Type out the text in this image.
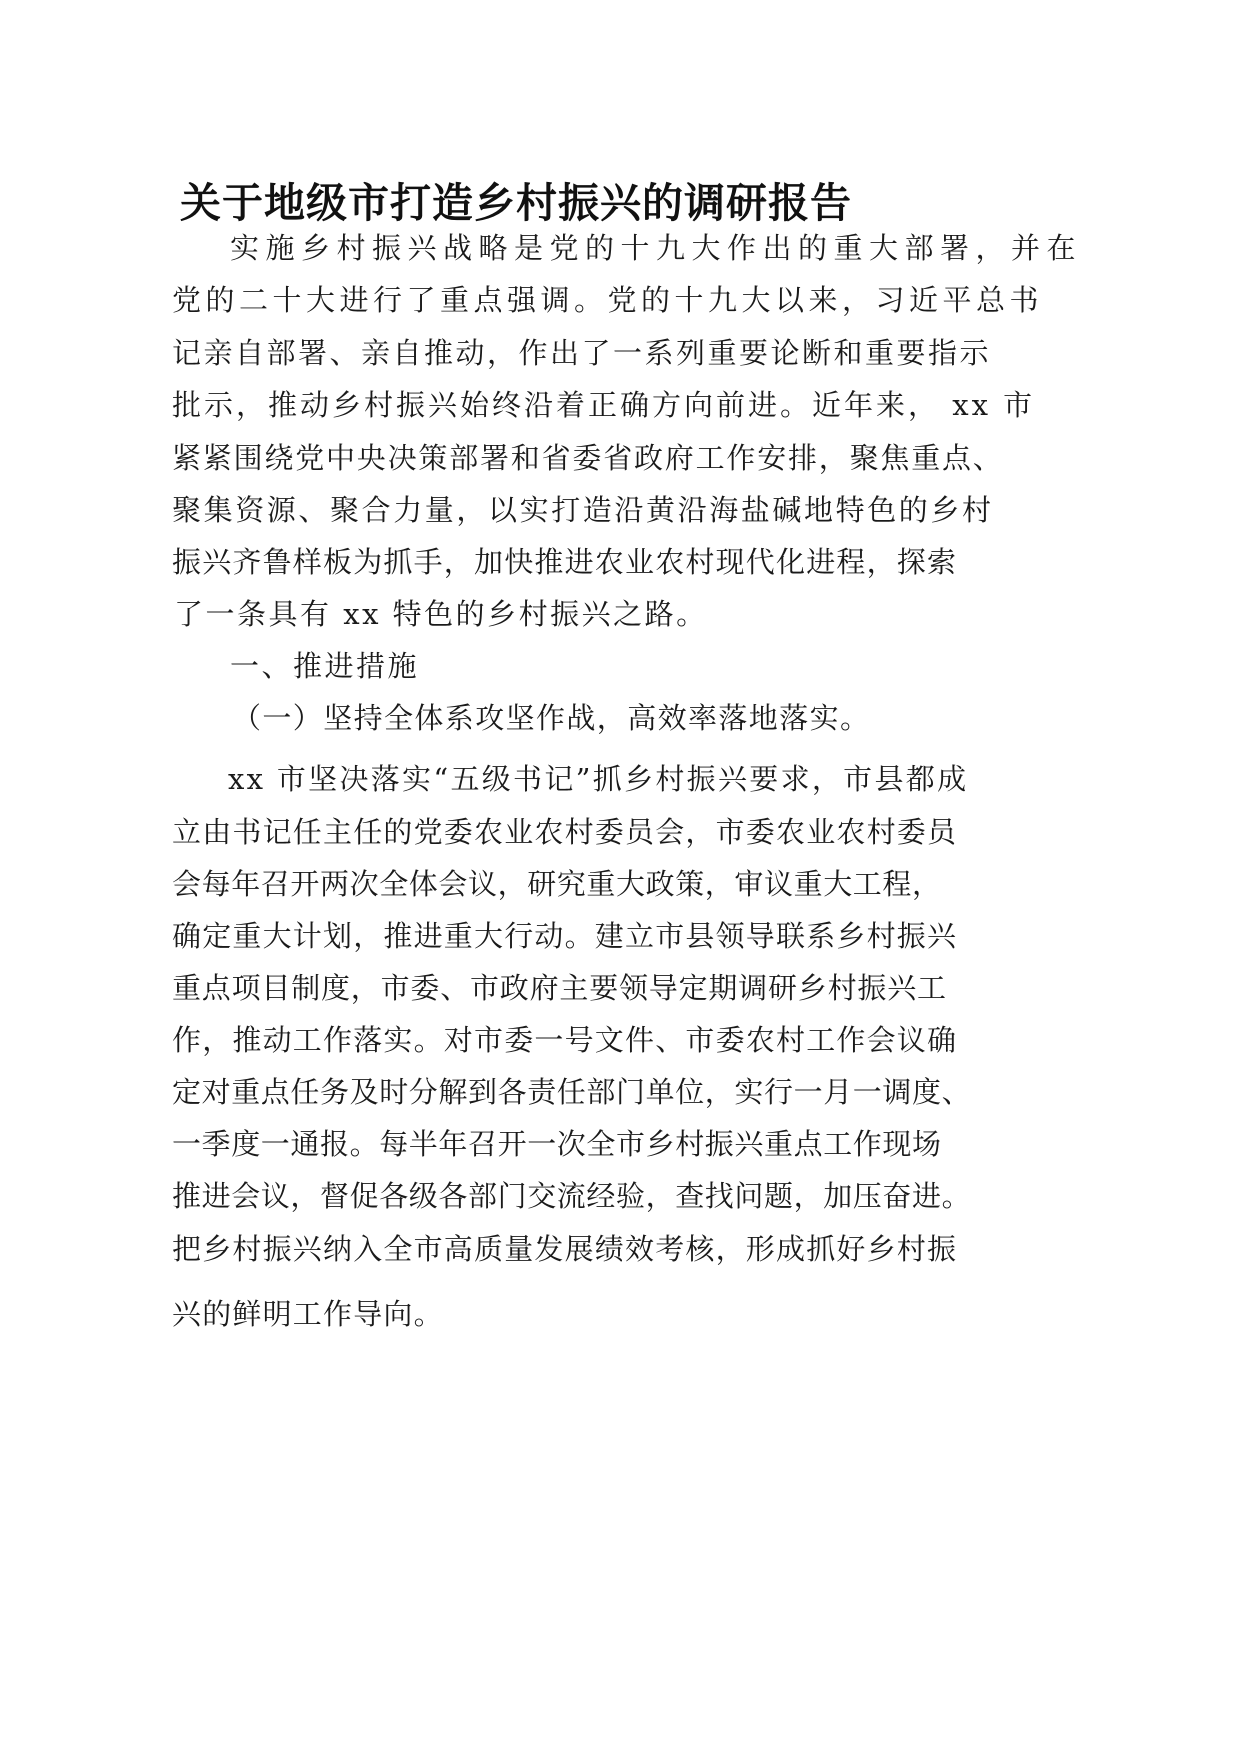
关于地级市打造乡村振兴的调研报告
实施乡村振兴战略是党的十九大作出的重大部署，并在
党的二十大进行了重点强调。党的十九大以来，习近平总书
记亲自部署、亲自推动，作出了一系列重要论断和重要指示
批示，推动乡村振兴始终沿着正确方向前进。近年来， xx 市
紧紧围绕党中央决策部署和省委省政府工作安排，聚焦重点、
聚集资源、聚合力量，以实打造沿黄沿海盐碱地特色的乡村
振兴齐鲁样板为抓手，加快推进农业农村现代化进程，探索
了一条具有 xx 特色的乡村振兴之路。
一、推进措施
（一）坚持全体系攻坚作战，高效率落地落实。
xx 市坚决落实“五级书记”抓乡村振兴要求，市县都成
立由书记任主任的党委农业农村委员会，市委农业农村委员
会每年召开两次全体会议，研究重大政策，审议重大工程，
确定重大计划，推进重大行动。建立市县领导联系乡村振兴
重点项目制度，市委、市政府主要领导定期调研乡村振兴工
作，推动工作落实。对市委一号文件、市委农村工作会议确
定对重点任务及时分解到各责任部门单位，实行一月一调度、
一季度一通报。每半年召开一次全市乡村振兴重点工作现场
推进会议，督促各级各部门交流经验，查找问题，加压奋进。
把乡村振兴纳入全市高质量发展绩效考核，形成抓好乡村振
兴的鲜明工作导向。
